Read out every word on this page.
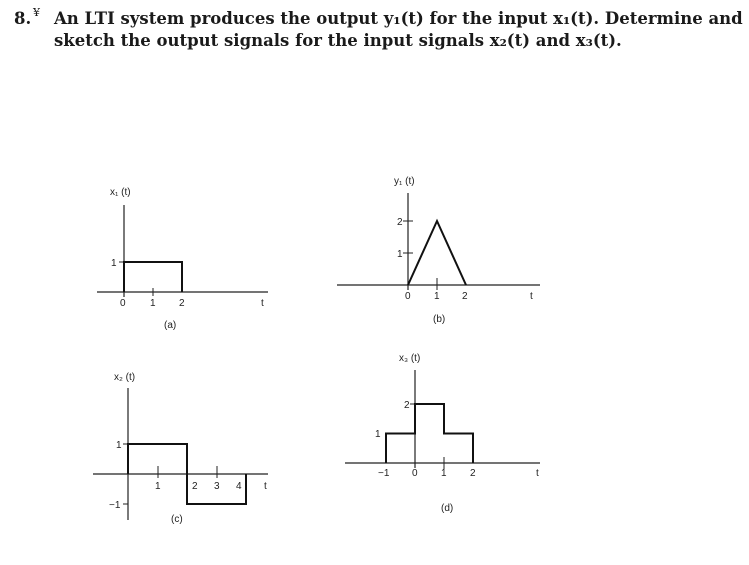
8. ¥ An LTI system produces the output y₁(t) for the input x₁(t). Determine and
sketch the output signals for the input signals x₂(t) and x₃(t).
x₁ (t)
1
0 1 2	t
(a)
y₁ (t)
2
1
0 1 2	t
(b)
x₂ (t)
1
−1
1	2 3 4 t
(c)
x₃ (t)
2
1
−1 0 1 2	t
(d)
